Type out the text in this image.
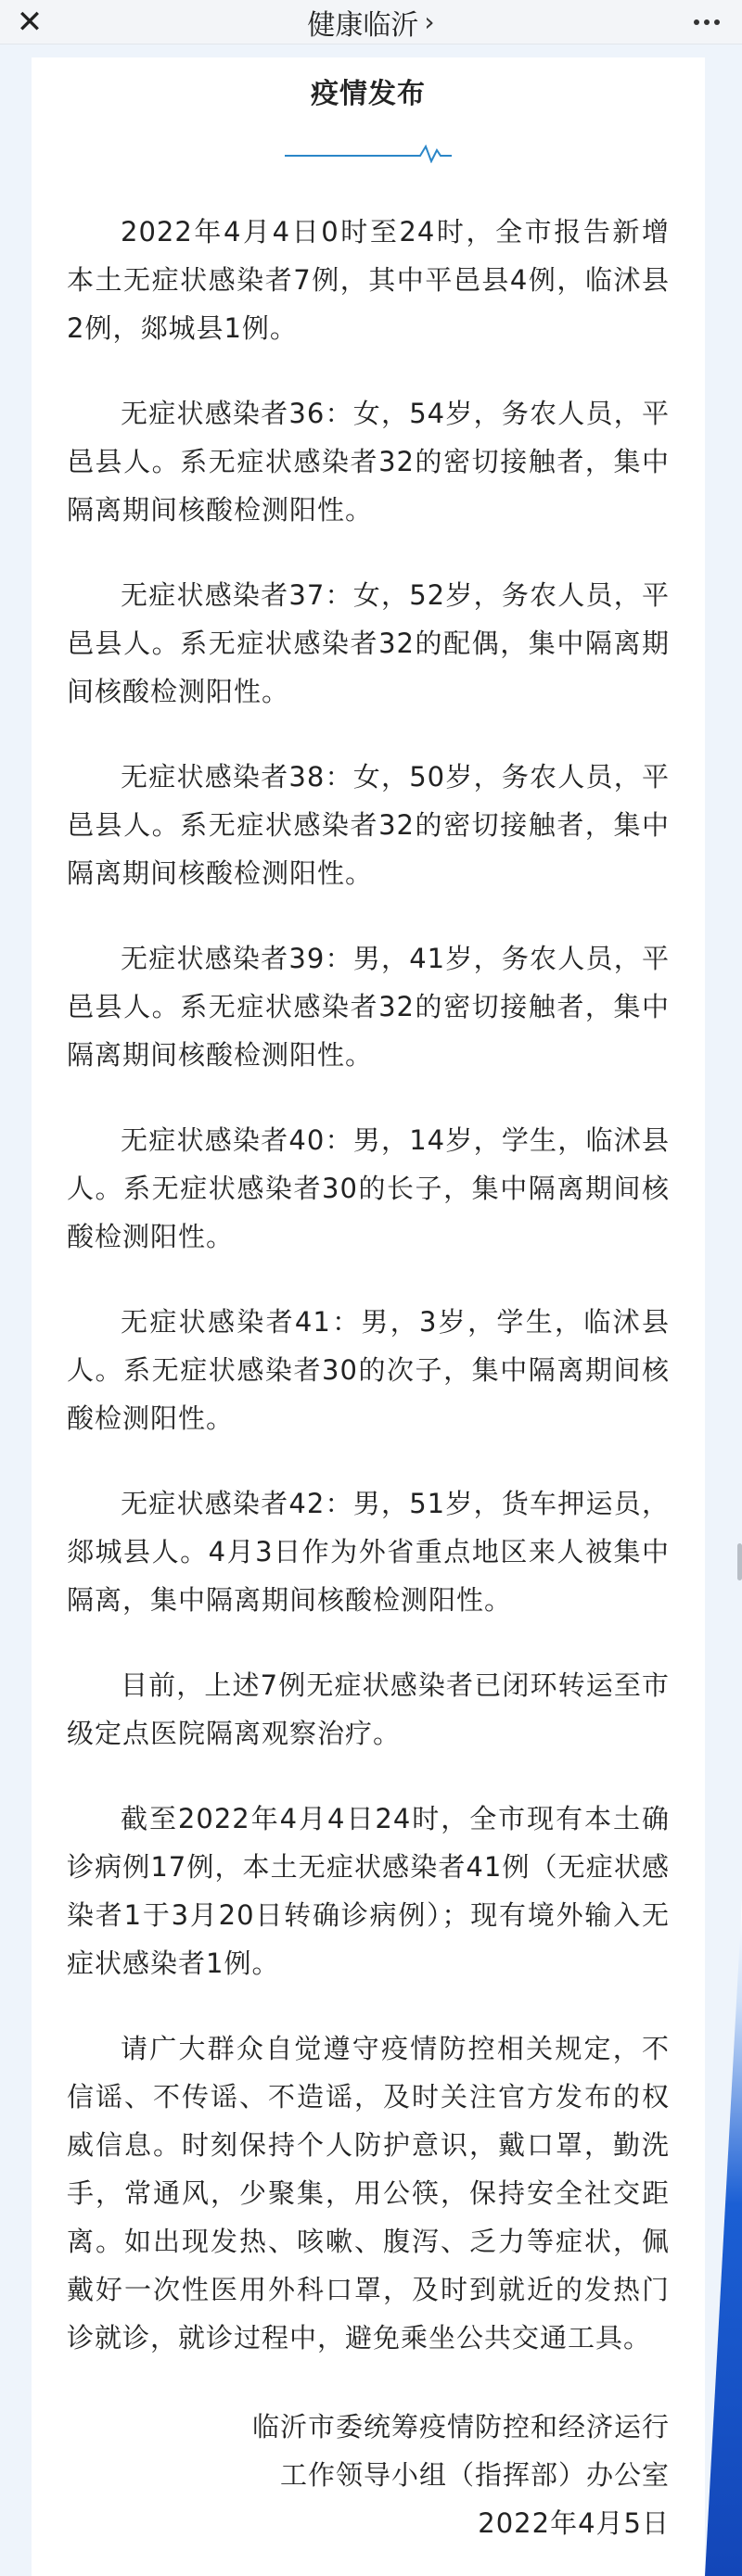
✕	健康临沂 ›
疫情发布

2022年4月4日0时至24时，全市报告新增本土无症状感染者7例，其中平邑县4例，临沭县2例，郯城县1例。

无症状感染者36：女，54岁，务农人员，平邑县人。系无症状感染者32的密切接触者，集中隔离期间核酸检测阳性。

无症状感染者37：女，52岁，务农人员，平邑县人。系无症状感染者32的配偶，集中隔离期间核酸检测阳性。

无症状感染者38：女，50岁，务农人员，平邑县人。系无症状感染者32的密切接触者，集中隔离期间核酸检测阳性。

无症状感染者39：男，41岁，务农人员，平邑县人。系无症状感染者32的密切接触者，集中隔离期间核酸检测阳性。

无症状感染者40：男，14岁，学生，临沭县人。系无症状感染者30的长子，集中隔离期间核酸检测阳性。

无症状感染者41：男，3岁，学生，临沭县人。系无症状感染者30的次子，集中隔离期间核酸检测阳性。

无症状感染者42：男，51岁，货车押运员，郯城县人。4月3日作为外省重点地区来人被集中隔离，集中隔离期间核酸检测阳性。

目前，上述7例无症状感染者已闭环转运至市级定点医院隔离观察治疗。

截至2022年4月4日24时，全市现有本土确诊病例17例，本土无症状感染者41例（无症状感染者1于3月20日转确诊病例）；现有境外输入无症状感染者1例。

请广大群众自觉遵守疫情防控相关规定，不信谣、不传谣、不造谣，及时关注官方发布的权威信息。时刻保持个人防护意识，戴口罩，勤洗手，常通风，少聚集，用公筷，保持安全社交距离。如出现发热、咳嗽、腹泻、乏力等症状，佩戴好一次性医用外科口罩，及时到就近的发热门诊就诊，就诊过程中，避免乘坐公共交通工具。

临沂市委统筹疫情防控和经济运行

工作领导小组（指挥部）办公室

2022年4月5日
